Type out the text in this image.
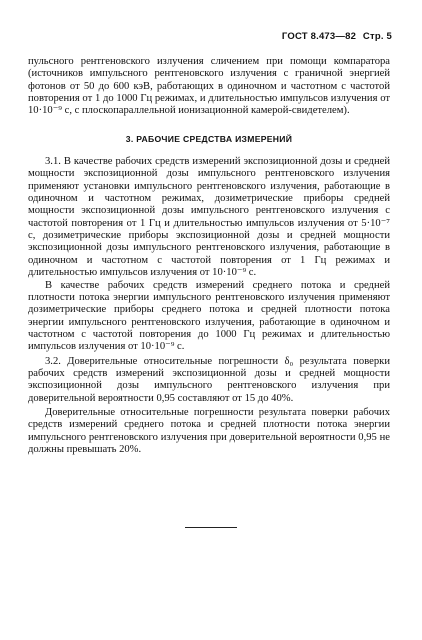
ГОСТ 8.473—82 Стр. 5

пульсного рентгеновского излучения сличением при помощи компаратора (источников импульсного рентгеновского излучения с граничной энергией фотонов от 50 до 600 кэВ, работающих в одиночном и частотном с частотой повторения от 1 до 1000 Гц режимах, и длительностью импульсов излучения от 10·10⁻⁹ с, с плоскопараллельной ионизационной камерой-свидетелем).

3. РАБОЧИЕ СРЕДСТВА ИЗМЕРЕНИЙ

3.1. В качестве рабочих средств измерений экспозиционной дозы и средней мощности экспозиционной дозы импульсного рентгеновского излучения применяют установки импульсного рентгеновского излучения, работающие в одиночном и частотном режимах, дозиметрические приборы средней мощности экспозиционной дозы импульсного рентгеновского излучения с частотой повторения от 1 Гц и длительностью импульсов излучения от 5·10⁻⁷ с, дозиметрические приборы экспозиционной дозы и средней мощности экспозиционной дозы импульсного рентгеновского излучения, работающие в одиночном и частотном с частотой повторения от 1 Гц режимах и длительностью импульсов излучения от 10·10⁻⁹ с.

В качестве рабочих средств измерений среднего потока и средней плотности потока энергии импульсного рентгеновского излучения применяют дозиметрические приборы среднего потока и средней плотности потока энергии импульсного рентгеновского излучения, работающие в одиночном и частотном с частотой повторения до 1000 Гц режимах и длительностью импульсов излучения от 10·10⁻⁹ с.

3.2. Доверительные относительные погрешности δ₀ результата поверки рабочих средств измерений экспозиционной дозы и средней мощности экспозиционной дозы импульсного рентгеновского излучения при доверительной вероятности 0,95 составляют от 15 до 40%.

Доверительные относительные погрешности результата поверки рабочих средств измерений среднего потока и средней плотности потока энергии импульсного рентгеновского излучения при доверительной вероятности 0,95 не должны превышать 20%.
